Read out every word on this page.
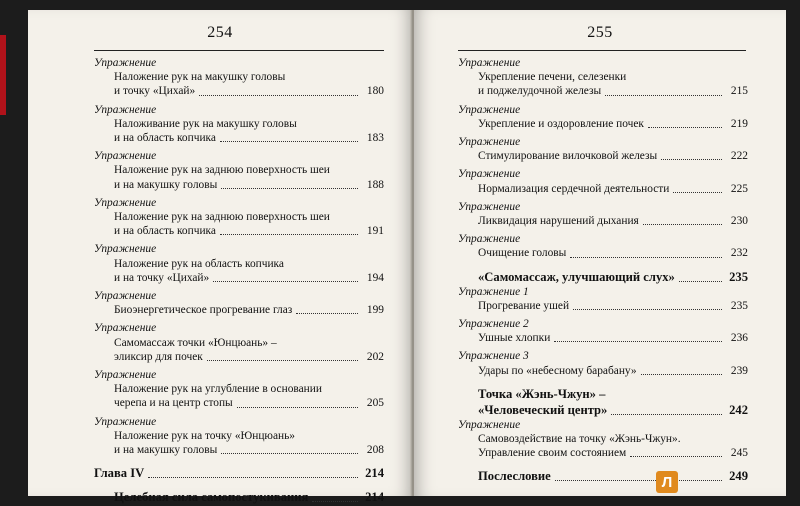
254

Упражнение

Наложение рук на макушку головы
и точку «Цихай»	180

Упражнение

Наложивание рук на макушку головы
и на область копчика	183

Упражнение

Наложение рук на заднюю поверхность шеи
и на макушку головы	188

Упражнение

Наложение рук на заднюю поверхность шеи
и на область копчика	191

Упражнение

Наложение рук на область копчика
и на точку «Цихай»	194

Упражнение

Биоэнергетическое прогревание глаз	199

Упражнение

Самомассаж точки «Юнцюань» –
эликсир для почек	202

Упражнение

Наложение рук на углубление в основании
черепа и на центр стопы	205

Упражнение

Наложение рук на точку «Юнцюань»
и на макушку головы	208
Глава IV	214
Целебная сила самопостукивания	214
255

Упражнение

Укрепление печени, селезенки
и поджелудочной железы	215

Упражнение

Укрепление и оздоровление почек	219

Упражнение

Стимулирование вилочковой железы	222

Упражнение

Нормализация сердечной деятельности	225

Упражнение

Ликвидация нарушений дыхания	230

Упражнение

Очищение головы	232
«Самомассаж, улучшающий слух»	235

Упражнение 1

Прогревание ушей	235

Упражнение 2

Ушные хлопки	236

Упражнение 3

Удары по «небесному барабану»	239
Точка «Жэнь-Чжун» –
«Человеческий центр»	242

Упражнение

Самовоздействие на точку «Жэнь-Чжун».
Управление своим состоянием	245
Послесловие	249
Л
